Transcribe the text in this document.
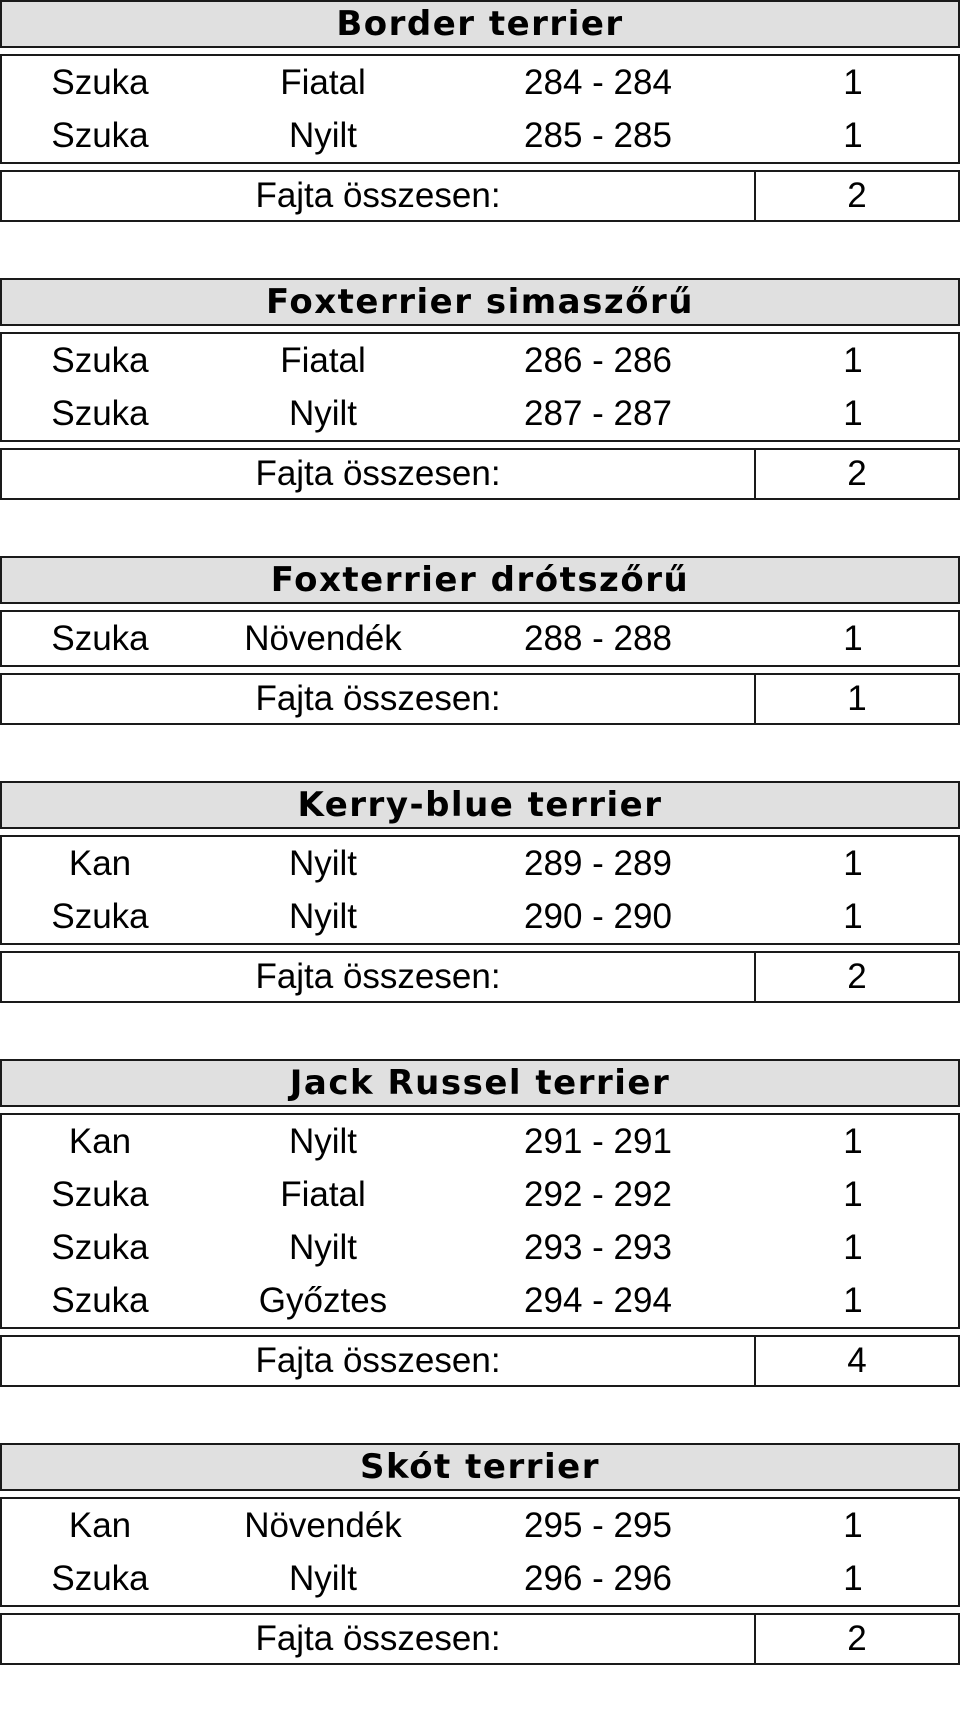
Border terrier
Szuka	Fiatal	284 - 284	1
Szuka	Nyilt	285 - 285	1
Fajta összesen:	2
Foxterrier simaszőrű
Szuka	Fiatal	286 - 286	1
Szuka	Nyilt	287 - 287	1
Fajta összesen:	2
Foxterrier drótszőrű
Szuka	Növendék	288 - 288	1
Fajta összesen:	1
Kerry-blue terrier
Kan	Nyilt	289 - 289	1
Szuka	Nyilt	290 - 290	1
Fajta összesen:	2
Jack Russel terrier
Kan	Nyilt	291 - 291	1
Szuka	Fiatal	292 - 292	1
Szuka	Nyilt	293 - 293	1
Szuka	Győztes	294 - 294	1
Fajta összesen:	4
Skót terrier
Kan	Növendék	295 - 295	1
Szuka	Nyilt	296 - 296	1
Fajta összesen:	2
